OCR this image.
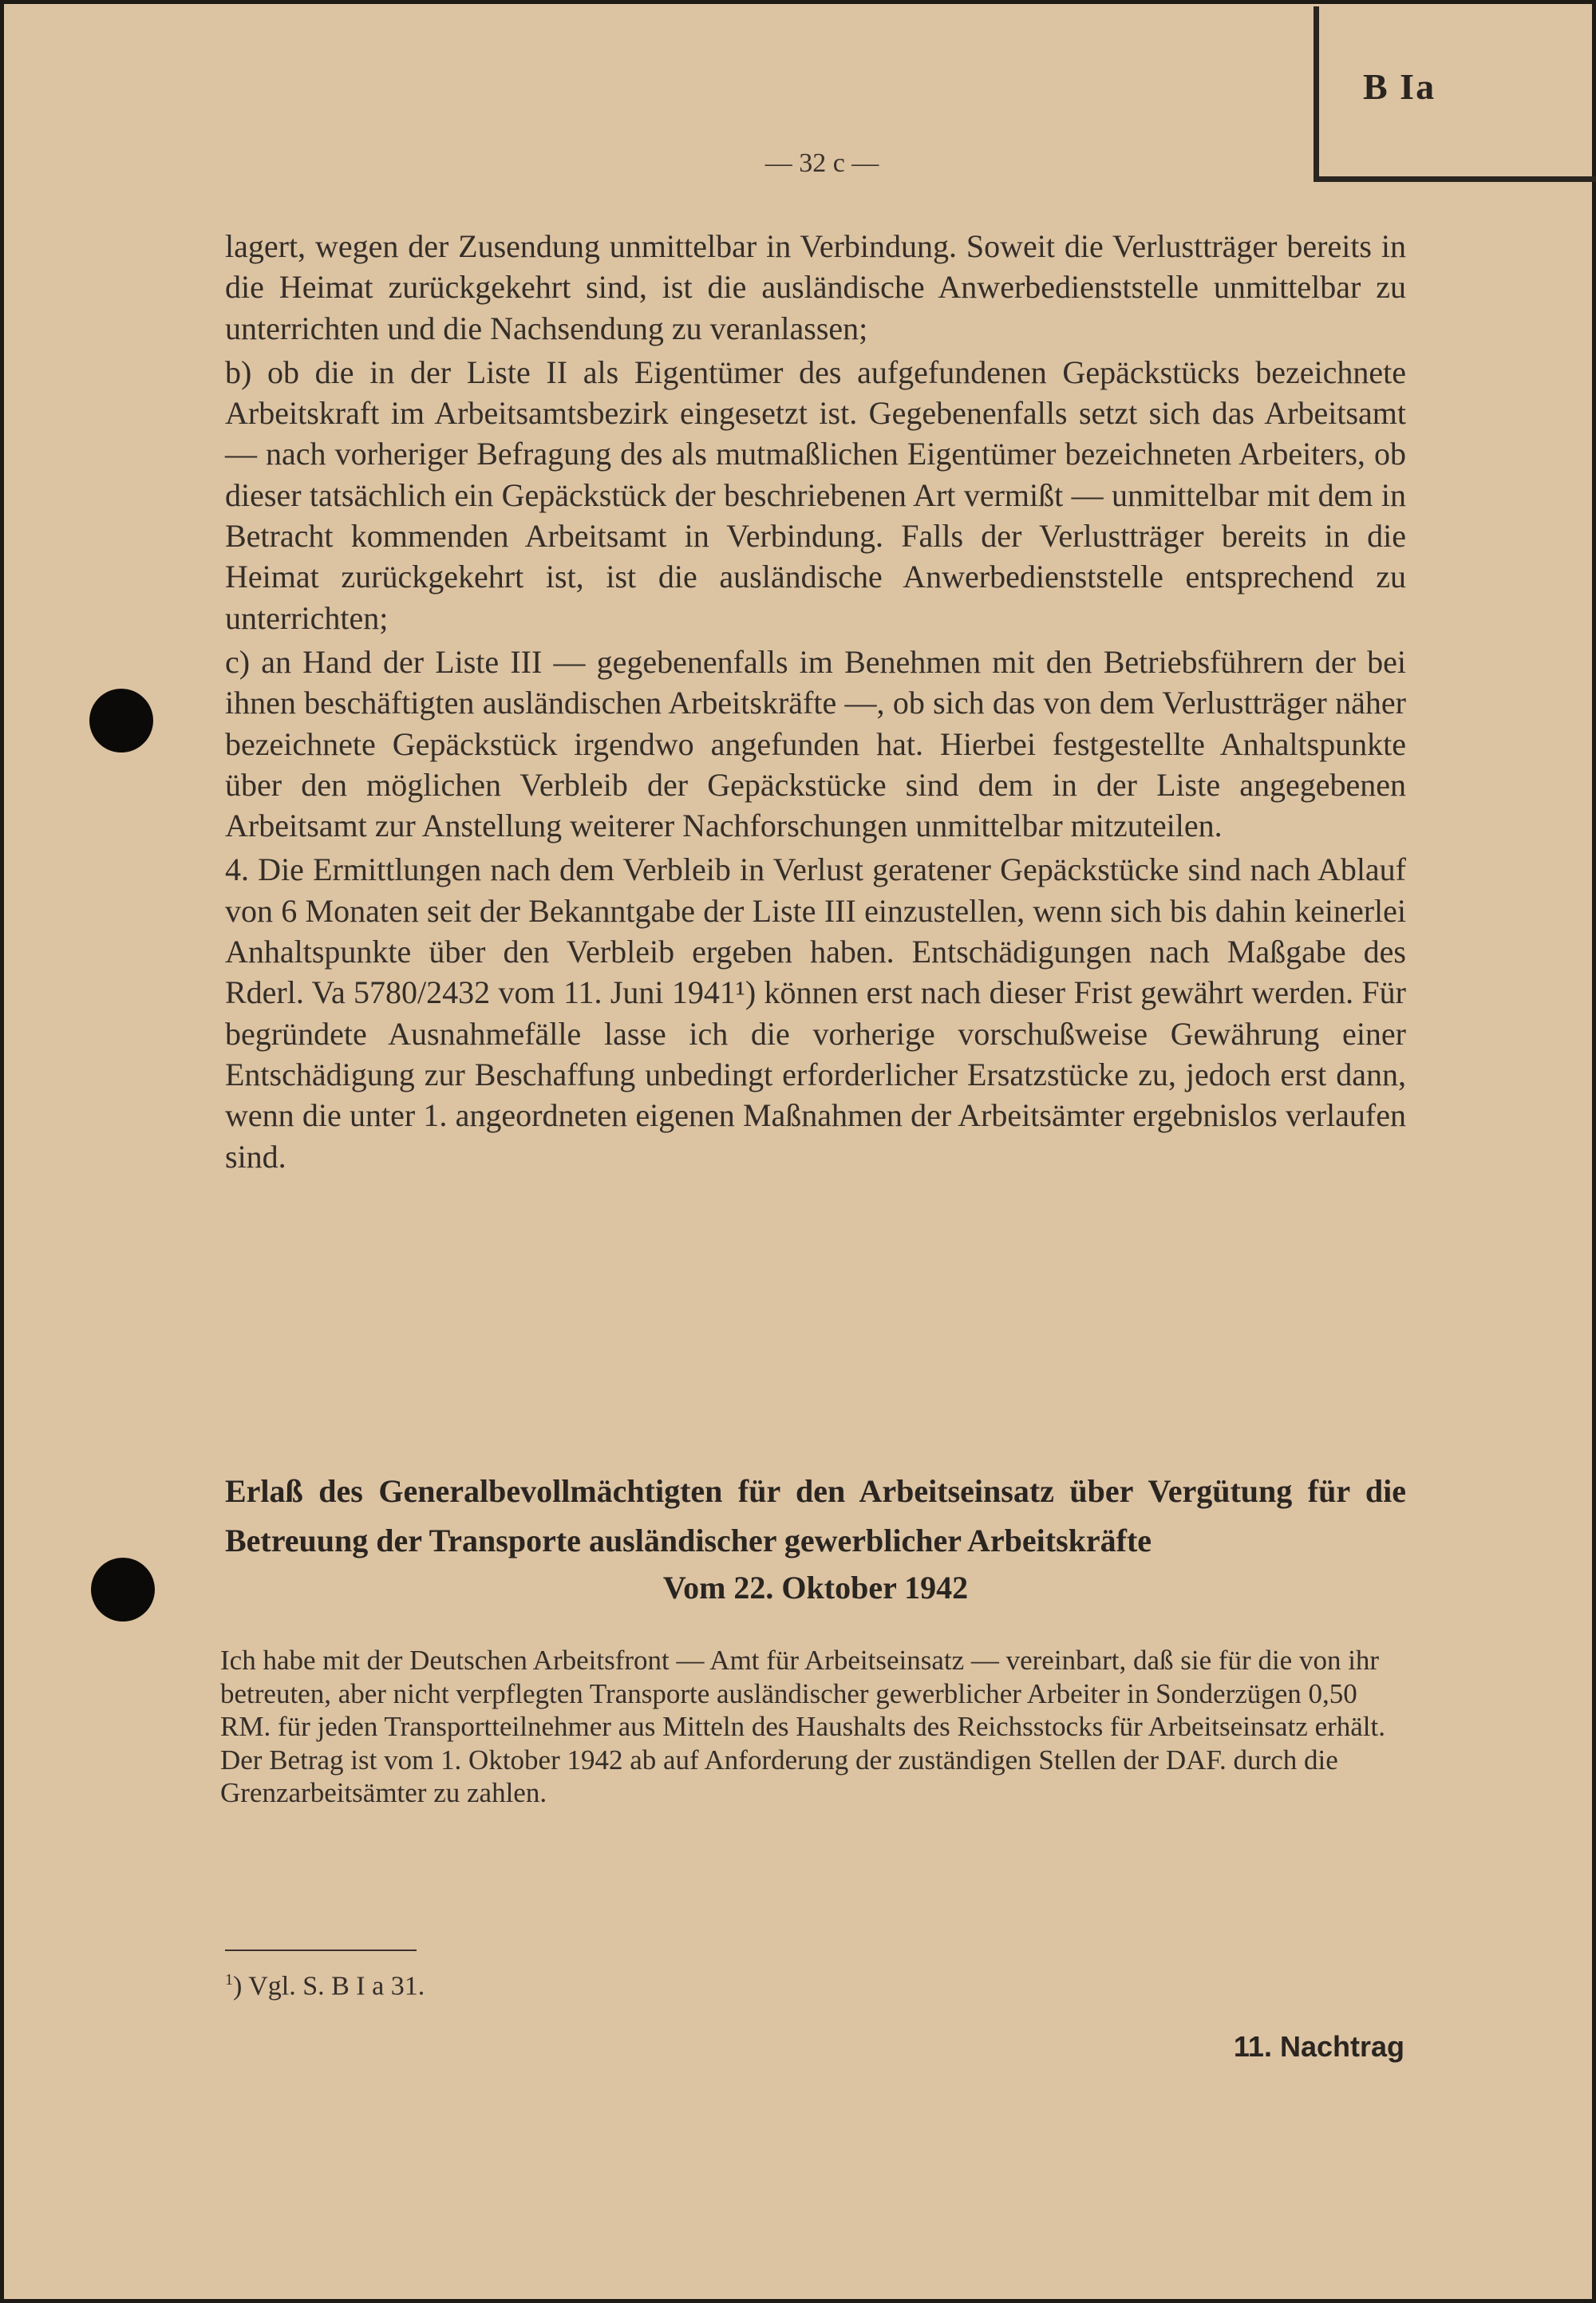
B Ia
— 32 c —

lagert, wegen der Zusendung unmittelbar in Verbindung. Soweit die Verlustträger bereits in die Heimat zurückgekehrt sind, ist die ausländische Anwerbedienststelle unmittelbar zu unterrichten und die Nachsendung zu veranlassen;

b) ob die in der Liste II als Eigentümer des aufgefundenen Gepäckstücks bezeichnete Arbeitskraft im Arbeitsamtsbezirk eingesetzt ist. Gegebenenfalls setzt sich das Arbeitsamt — nach vorheriger Befragung des als mutmaßlichen Eigentümer bezeichneten Arbeiters, ob dieser tatsächlich ein Gepäckstück der beschriebenen Art vermißt — unmittelbar mit dem in Betracht kommenden Arbeitsamt in Verbindung. Falls der Verlustträger bereits in die Heimat zurückgekehrt ist, ist die ausländische Anwerbedienststelle entsprechend zu unterrichten;

c) an Hand der Liste III — gegebenenfalls im Benehmen mit den Betriebsführern der bei ihnen beschäftigten ausländischen Arbeitskräfte —, ob sich das von dem Verlustträger näher bezeichnete Gepäckstück irgendwo angefunden hat. Hierbei festgestellte Anhaltspunkte über den möglichen Verbleib der Gepäckstücke sind dem in der Liste angegebenen Arbeitsamt zur Anstellung weiterer Nachforschungen unmittelbar mitzuteilen.

4. Die Ermittlungen nach dem Verbleib in Verlust geratener Gepäckstücke sind nach Ablauf von 6 Monaten seit der Bekanntgabe der Liste III einzustellen, wenn sich bis dahin keinerlei Anhaltspunkte über den Verbleib ergeben haben. Entschädigungen nach Maßgabe des Rderl. Va 5780/2432 vom 11. Juni 1941¹) können erst nach dieser Frist gewährt werden. Für begründete Ausnahmefälle lasse ich die vorherige vorschußweise Gewährung einer Entschädigung zur Beschaffung unbedingt erforderlicher Ersatzstücke zu, jedoch erst dann, wenn die unter 1. angeordneten eigenen Maßnahmen der Arbeitsämter ergebnislos verlaufen sind.

Erlaß des Generalbevollmächtigten für den Arbeitseinsatz über Vergütung für die Betreuung der Transporte ausländischer gewerblicher Arbeitskräfte
Vom 22. Oktober 1942

Ich habe mit der Deutschen Arbeitsfront — Amt für Arbeitseinsatz — vereinbart, daß sie für die von ihr betreuten, aber nicht verpflegten Transporte ausländischer gewerblicher Arbeiter in Sonderzügen 0,50 RM. für jeden Transportteilnehmer aus Mitteln des Haushalts des Reichsstocks für Arbeitseinsatz erhält.

Der Betrag ist vom 1. Oktober 1942 ab auf Anforderung der zuständigen Stellen der DAF. durch die Grenzarbeitsämter zu zahlen.

$^1$) Vgl. S. B I a 31.
11. Nachtrag
